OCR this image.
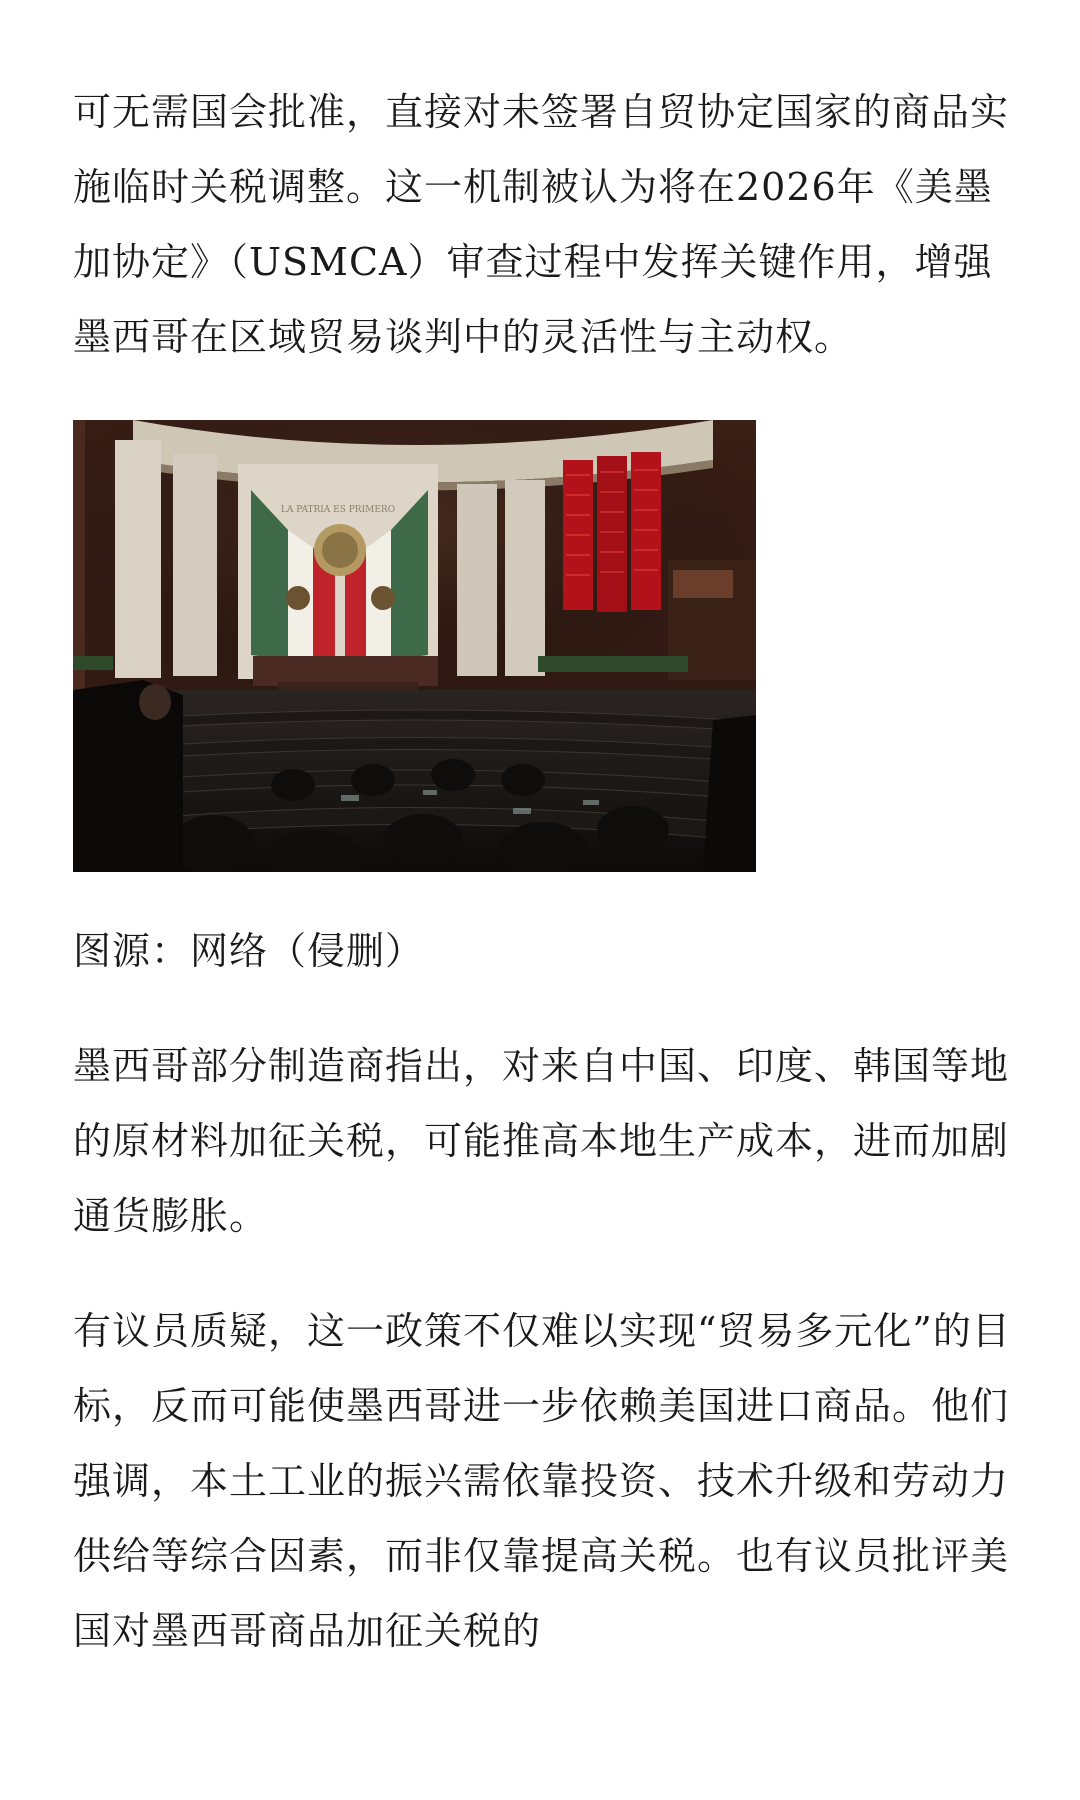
可无需国会批准，直接对未签署自贸协定国家的商品实施临时关税调整。这一机制被认为将在2026年《美墨加协定》（USMCA）审查过程中发挥关键作用，增强墨西哥在区域贸易谈判中的灵活性与主动权。

LA PATRIA ES PRIMERO

图源：网络（侵删）

墨西哥部分制造商指出，对来自中国、印度、韩国等地的原材料加征关税，可能推高本地生产成本，进而加剧通货膨胀。

有议员质疑，这一政策不仅难以实现“贸易多元化”的目标，反而可能使墨西哥进一步依赖美国进口商品。他们强调，本土工业的振兴需依靠投资、技术升级和劳动力供给等综合因素，而非仅靠提高关税。也有议员批评美国对墨西哥商品加征关税的
